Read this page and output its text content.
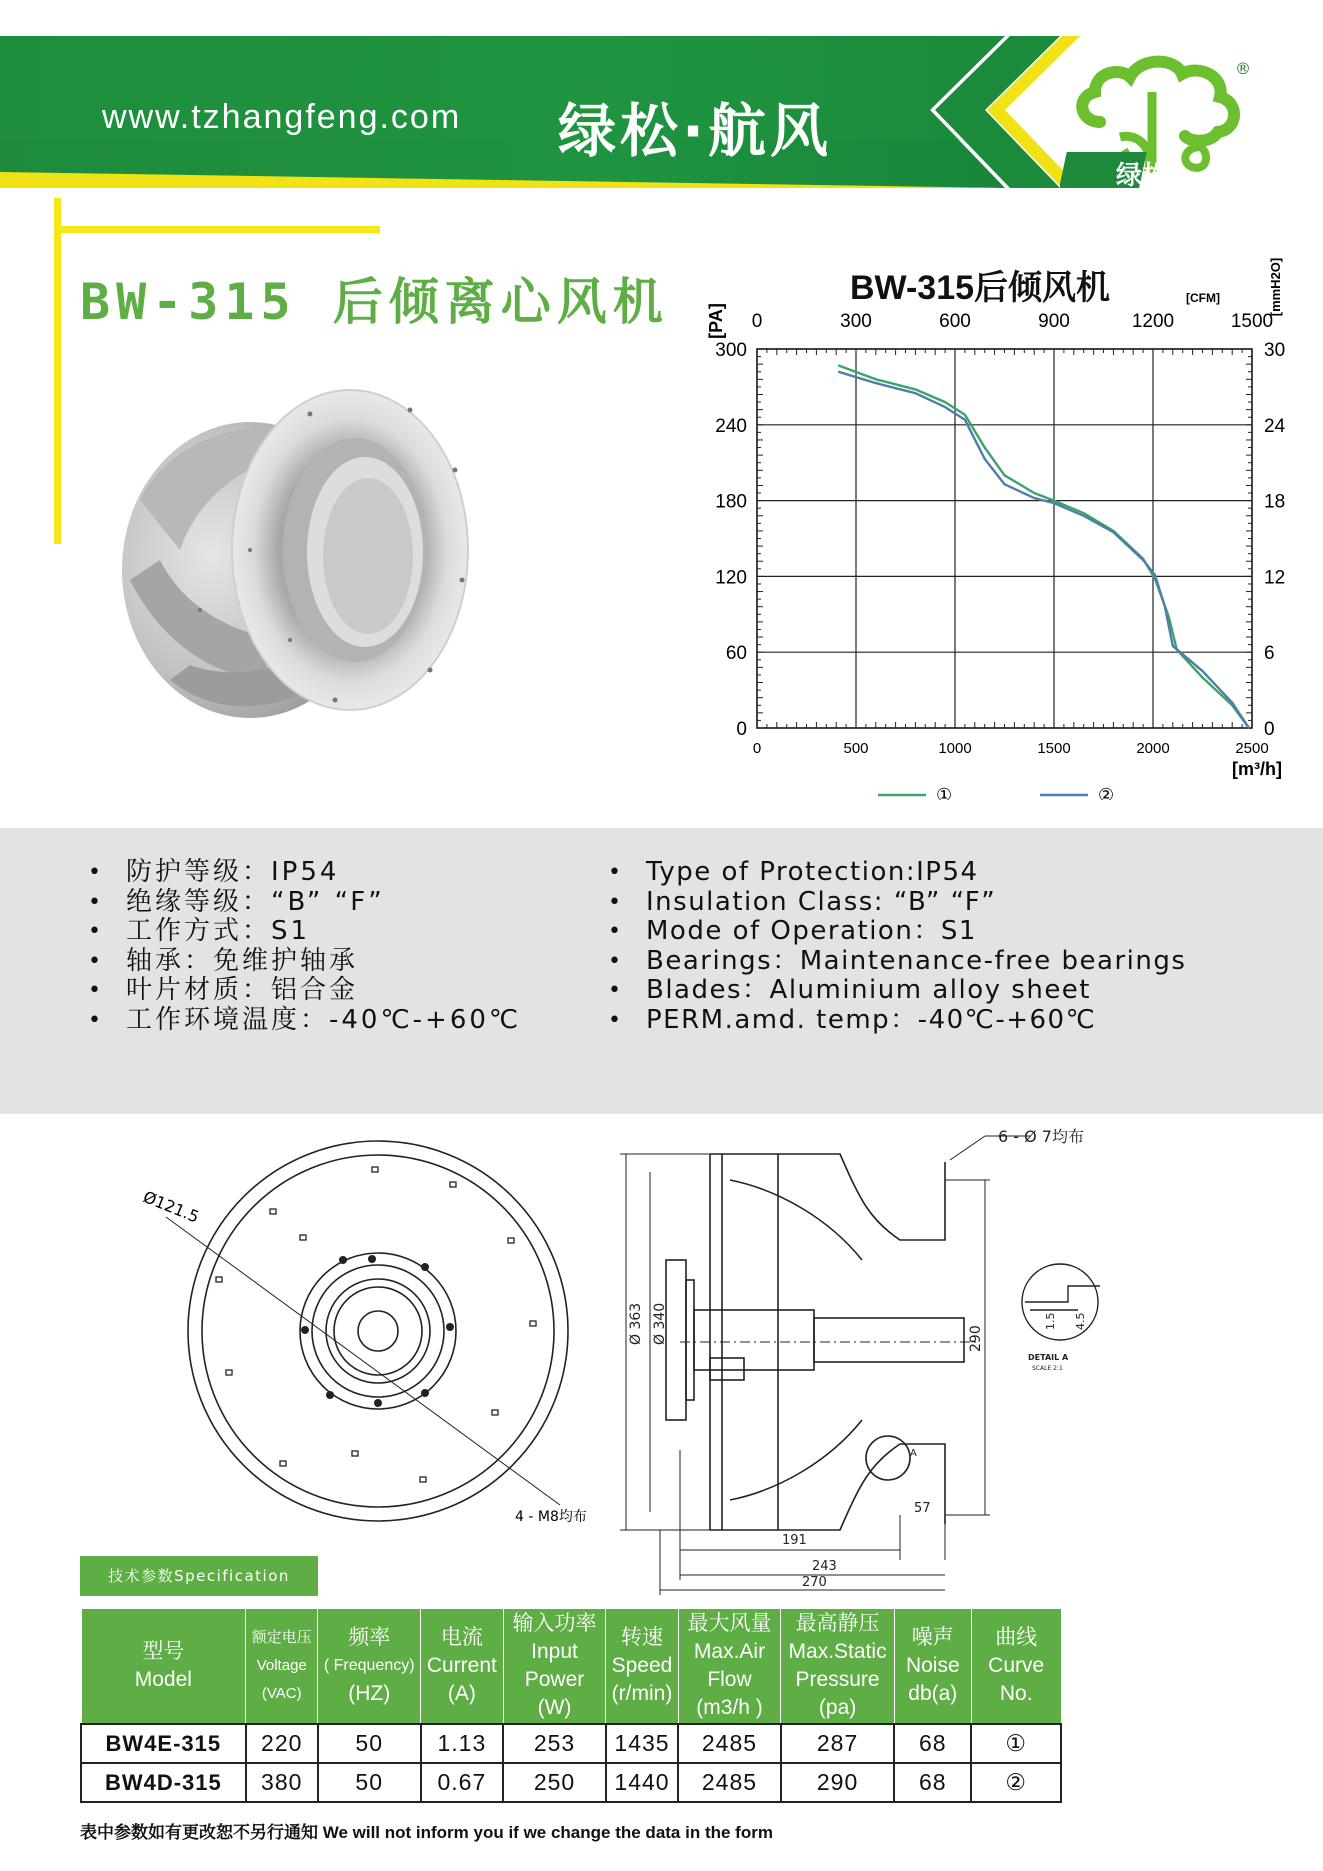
绿松
®
www.tzhangfeng.com 绿松·航风
BW-315 后倾离心风机	BW-315后倾风机
0	500	1000	1500	2000	2500
0	300	600	900	1200	1500
0
60
120
180
240
300
0
6
12
18
24
30
[PA]
[mmH2O]
[CFM]
[m³/h]
①	②
• 防护等级：IP54
• 绝缘等级：“B” “F”
• 工作方式：S1
• 轴承：免维护轴承
• 叶片材质：铝合金
• 工作环境温度：-40℃-+60℃
• Type of Protection:IP54
• Insulation Class: “B” “F”
• Mode of Operation：S1
• Bearings：Maintenance-free bearings
• Blades：Aluminium alloy sheet
• PERM.amd. temp：-40℃-+60℃
Ø121.5
4 - M8均布
Ø 363 Ø 340	290
57
191
243
270
6 - Ø 7均布
1.5 4.5
DETAIL A
SCALE 2:1
A
技术参数Specification
型号
Model	额定电压
Voltage
(VAC)	频率
( Frequency)
(HZ)	电流
Current
(A)	输入功率
Input
Power
(W)	转速
Speed
(r/min)	最大风量
Max.Air
Flow
(m3/h )	最高静压
Max.Static
Pressure
(pa)	噪声
Noise
db(a)	曲线
Curve
No.

BW4E-315	220	50	1.13	253	1435	2485	287	68	①
BW4D-315	380	50	0.67	250	1440	2485	290	68	②
表中参数如有更改恕不另行通知 We will not inform you if we change the data in the form
